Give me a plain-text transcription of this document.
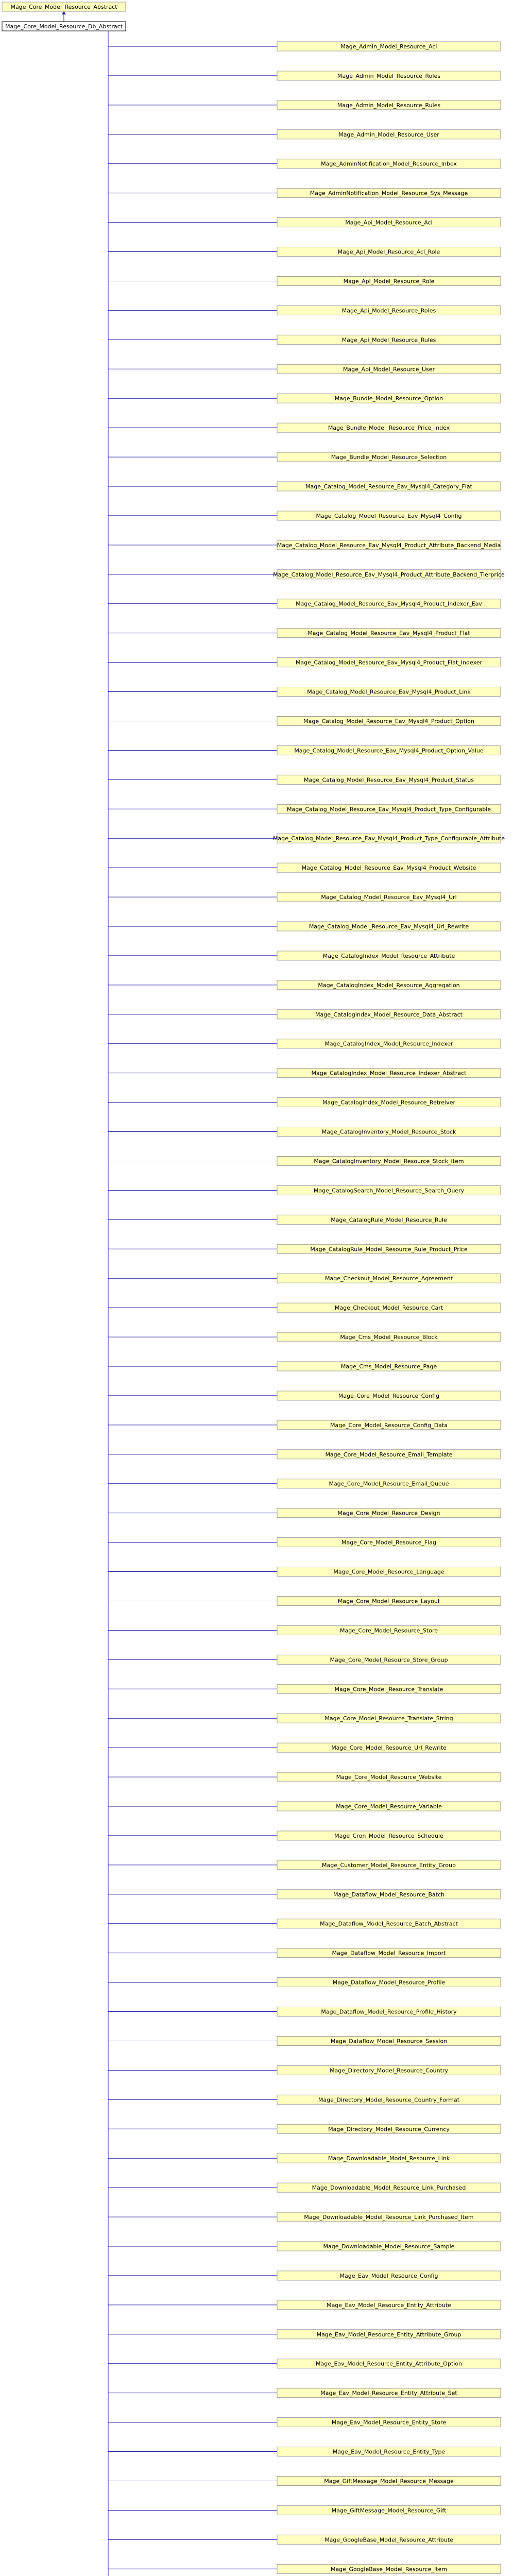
Mage_Core_Model_Resource_Abstract
Mage_Core_Model_Resource_Db_Abstract
Mage_Admin_Model_Resource_Acl
Mage_Admin_Model_Resource_Roles
Mage_Admin_Model_Resource_Rules
Mage_Admin_Model_Resource_User
Mage_AdminNotification_Model_Resource_Inbox
Mage_AdminNotification_Model_Resource_Sys_Message
Mage_Api_Model_Resource_Acl
Mage_Api_Model_Resource_Acl_Role
Mage_Api_Model_Resource_Role
Mage_Api_Model_Resource_Roles
Mage_Api_Model_Resource_Rules
Mage_Api_Model_Resource_User
Mage_Bundle_Model_Resource_Option
Mage_Bundle_Model_Resource_Price_Index
Mage_Bundle_Model_Resource_Selection
Mage_Catalog_Model_Resource_Eav_Mysql4_Category_Flat
Mage_Catalog_Model_Resource_Eav_Mysql4_Config
Mage_Catalog_Model_Resource_Eav_Mysql4_Product_Attribute_Backend_Media
Mage_Catalog_Model_Resource_Eav_Mysql4_Product_Attribute_Backend_Tierprice
Mage_Catalog_Model_Resource_Eav_Mysql4_Product_Indexer_Eav
Mage_Catalog_Model_Resource_Eav_Mysql4_Product_Flat
Mage_Catalog_Model_Resource_Eav_Mysql4_Product_Flat_Indexer
Mage_Catalog_Model_Resource_Eav_Mysql4_Product_Link
Mage_Catalog_Model_Resource_Eav_Mysql4_Product_Option
Mage_Catalog_Model_Resource_Eav_Mysql4_Product_Option_Value
Mage_Catalog_Model_Resource_Eav_Mysql4_Product_Status
Mage_Catalog_Model_Resource_Eav_Mysql4_Product_Type_Configurable
Mage_Catalog_Model_Resource_Eav_Mysql4_Product_Type_Configurable_Attribute
Mage_Catalog_Model_Resource_Eav_Mysql4_Product_Website
Mage_Catalog_Model_Resource_Eav_Mysql4_Url
Mage_Catalog_Model_Resource_Eav_Mysql4_Url_Rewrite
Mage_CatalogIndex_Model_Resource_Attribute
Mage_CatalogIndex_Model_Resource_Aggregation
Mage_CatalogIndex_Model_Resource_Data_Abstract
Mage_CatalogIndex_Model_Resource_Indexer
Mage_CatalogIndex_Model_Resource_Indexer_Abstract
Mage_CatalogIndex_Model_Resource_Retreiver
Mage_CatalogInventory_Model_Resource_Stock
Mage_CatalogInventory_Model_Resource_Stock_Item
Mage_CatalogSearch_Model_Resource_Search_Query
Mage_CatalogRule_Model_Resource_Rule
Mage_CatalogRule_Model_Resource_Rule_Product_Price
Mage_Checkout_Model_Resource_Agreement
Mage_Checkout_Model_Resource_Cart
Mage_Cms_Model_Resource_Block
Mage_Cms_Model_Resource_Page
Mage_Core_Model_Resource_Config
Mage_Core_Model_Resource_Config_Data
Mage_Core_Model_Resource_Email_Template
Mage_Core_Model_Resource_Email_Queue
Mage_Core_Model_Resource_Design
Mage_Core_Model_Resource_Flag
Mage_Core_Model_Resource_Language
Mage_Core_Model_Resource_Layout
Mage_Core_Model_Resource_Store
Mage_Core_Model_Resource_Store_Group
Mage_Core_Model_Resource_Translate
Mage_Core_Model_Resource_Translate_String
Mage_Core_Model_Resource_Url_Rewrite
Mage_Core_Model_Resource_Website
Mage_Core_Model_Resource_Variable
Mage_Cron_Model_Resource_Schedule
Mage_Customer_Model_Resource_Entity_Group
Mage_Dataflow_Model_Resource_Batch
Mage_Dataflow_Model_Resource_Batch_Abstract
Mage_Dataflow_Model_Resource_Import
Mage_Dataflow_Model_Resource_Profile
Mage_Dataflow_Model_Resource_Profile_History
Mage_Dataflow_Model_Resource_Session
Mage_Directory_Model_Resource_Country
Mage_Directory_Model_Resource_Country_Format
Mage_Directory_Model_Resource_Currency
Mage_Downloadable_Model_Resource_Link
Mage_Downloadable_Model_Resource_Link_Purchased
Mage_Downloadable_Model_Resource_Link_Purchased_Item
Mage_Downloadable_Model_Resource_Sample
Mage_Eav_Model_Resource_Config
Mage_Eav_Model_Resource_Entity_Attribute
Mage_Eav_Model_Resource_Entity_Attribute_Group
Mage_Eav_Model_Resource_Entity_Attribute_Option
Mage_Eav_Model_Resource_Entity_Attribute_Set
Mage_Eav_Model_Resource_Entity_Store
Mage_Eav_Model_Resource_Entity_Type
Mage_GiftMessage_Model_Resource_Message
Mage_GiftMessage_Model_Resource_Gift
Mage_GoogleBase_Model_Resource_Attribute
Mage_GoogleBase_Model_Resource_Item
